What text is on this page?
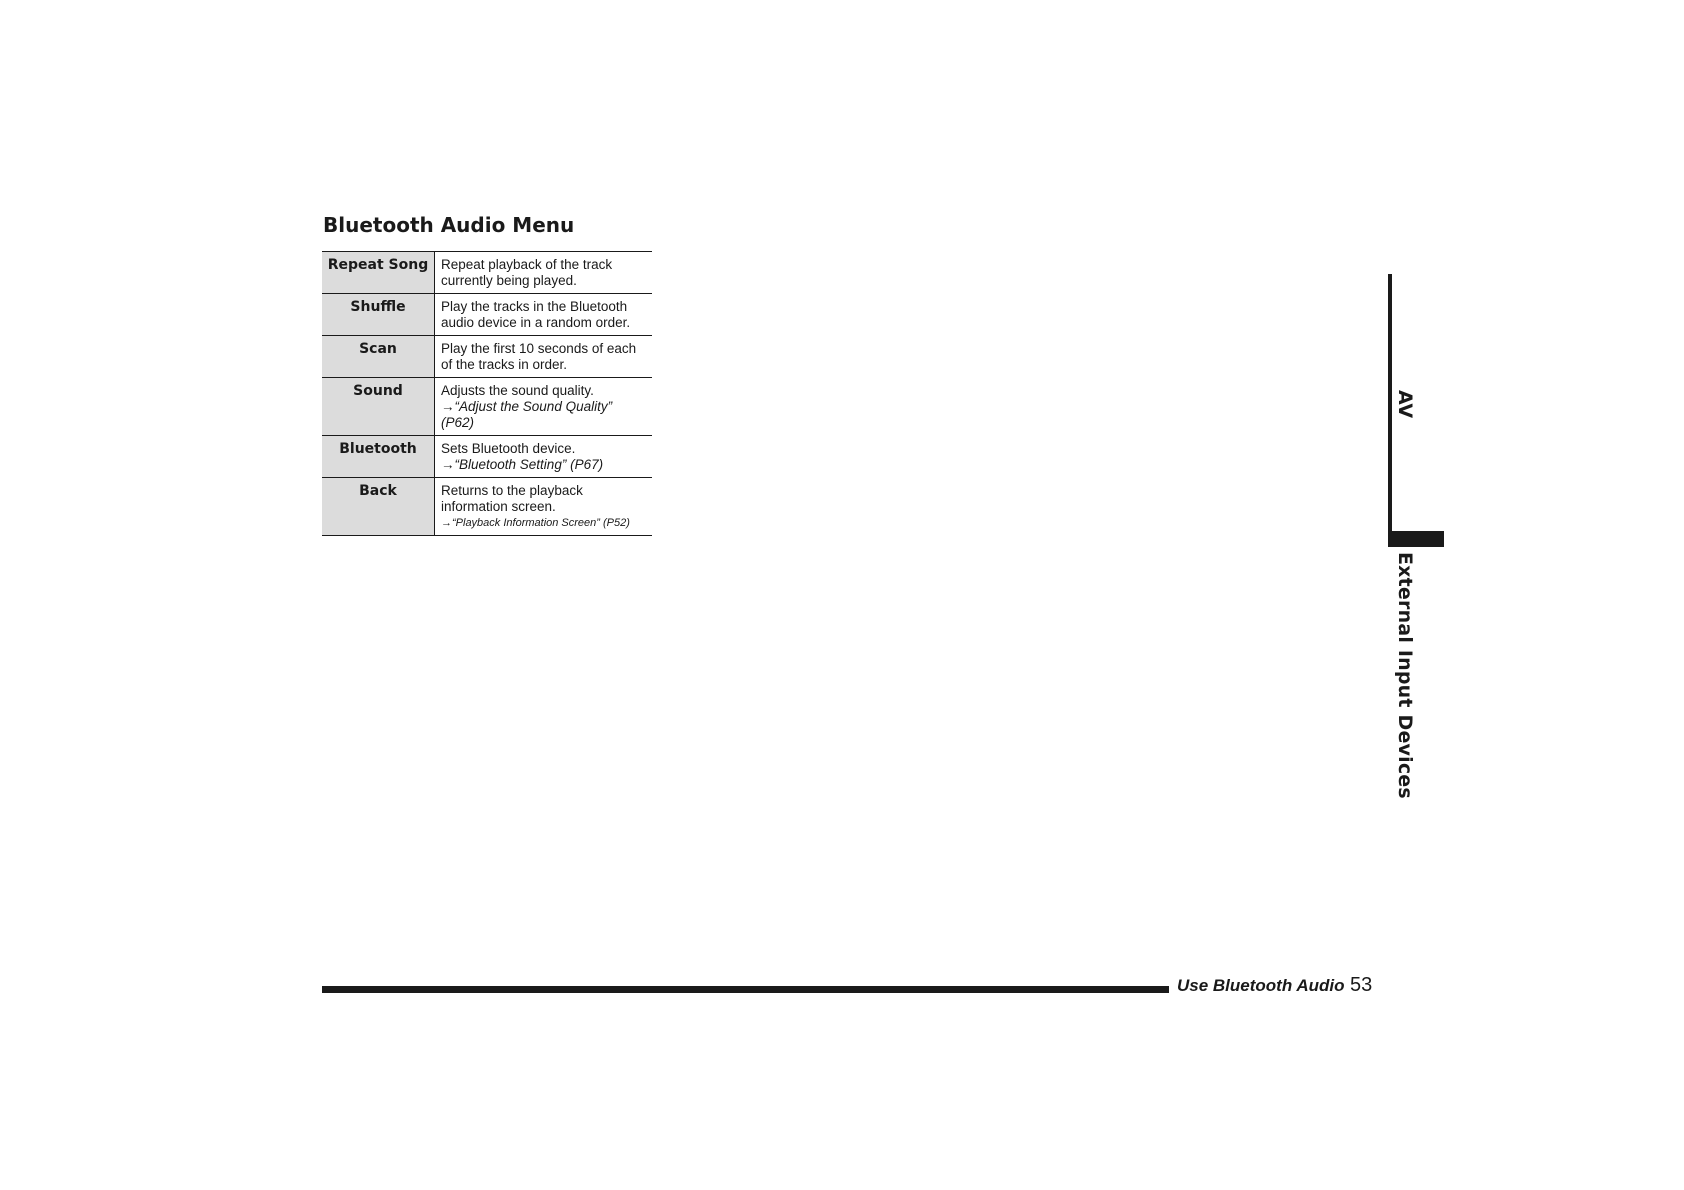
Bluetooth Audio Menu
Repeat Song	Repeat playback of the track
currently being played.
Shuffle	Play the tracks in the Bluetooth
audio device in a random order.
Scan	Play the first 10 seconds of each
of the tracks in order.
Sound	Adjusts the sound quality.
→“Adjust the Sound Quality” (P62)

Bluetooth	Sets Bluetooth device.
→“Bluetooth Setting” (P67)

Back	Returns to the playback
information screen.
→“Playback Information Screen” (P52)
AV
External Input Devices
Use Bluetooth Audio 53
